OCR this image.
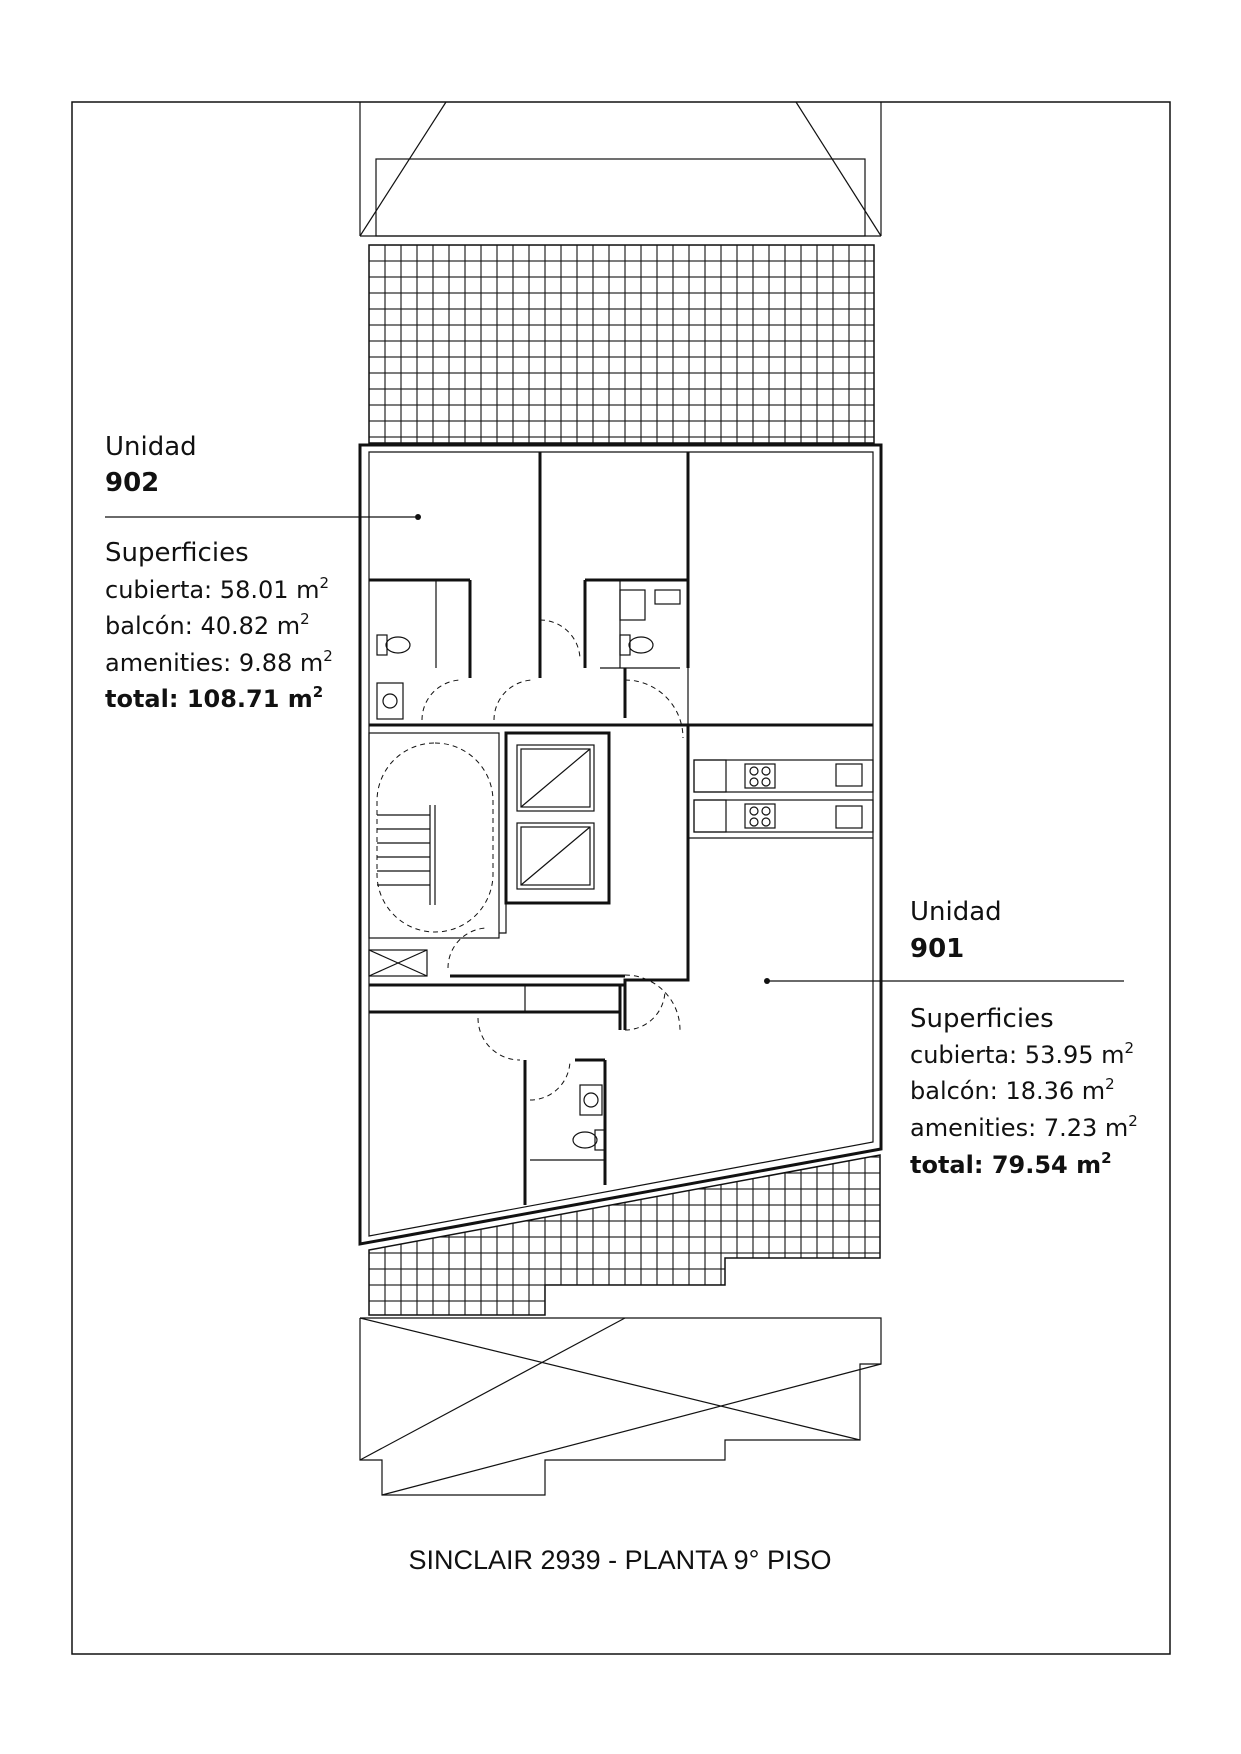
Unidad
902
Superficies
cubierta: 58.01 $m^2$
balcón: 40.82 $m^2$
amenities: 9.88 $m^2$
total: 108.71 $m^2$
Unidad
901
Superficies
cubierta: 53.95 $m^2$
balcón: 18.36 $m^2$
amenities: 7.23 $m^2$
total: 79.54 $m^2$
SINCLAIR 2939 - PLANTA 9° PISO
